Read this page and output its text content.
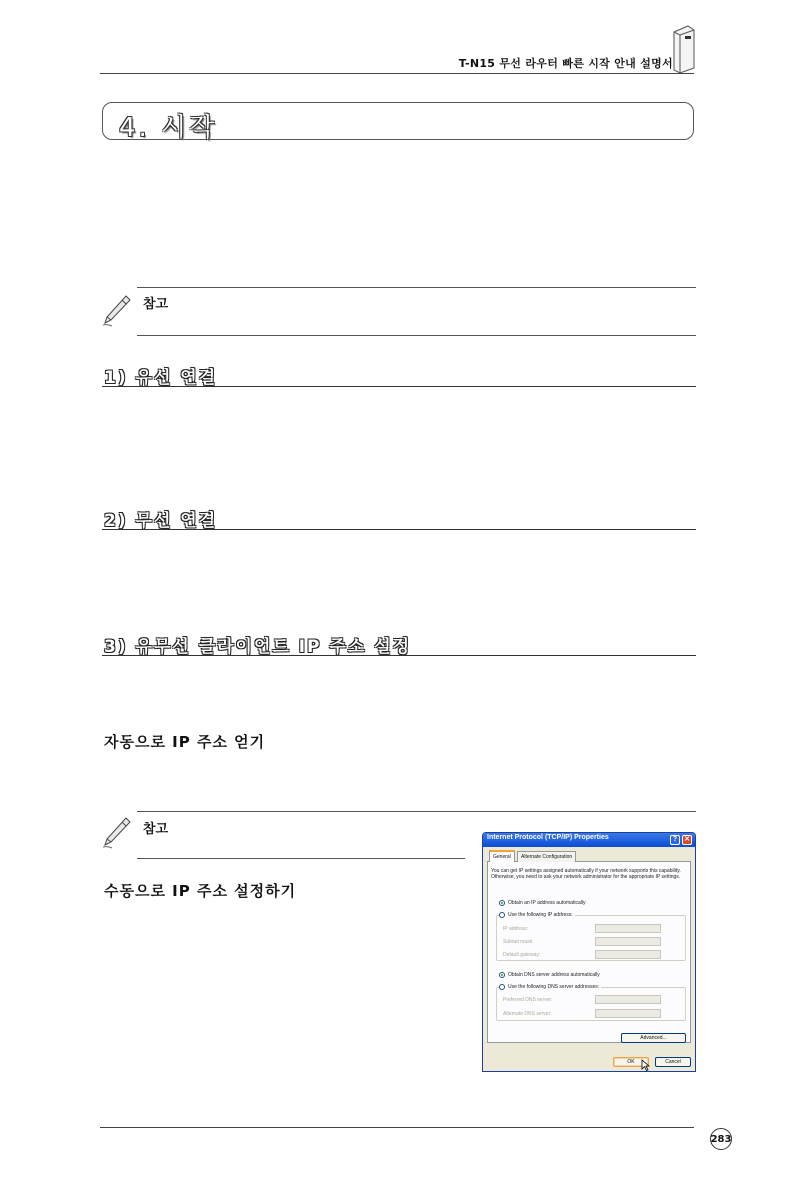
T-N15 무선 라우터 빠른 시작 안내 설명서
4. 시작
참고
1) 유선 연결
2) 무선 연결
3) 유무선 클라이언트 IP 주소 설정
자동으로 IP 주소 얻기
참고
수동으로 IP 주소 설정하기
Internet Protocol (TCP/IP) Properties	? ✕
General	Alternate Configuration
You can get IP settings assigned automatically if your network supports this capability. Otherwise, you need to ask your network administrator for the appropriate IP settings.
Obtain an IP address automatically
Use the following IP address:
IP address:
Subnet mask:
Default gateway:
Obtain DNS server address automatically
Use the following DNS server addresses:
Preferred DNS server:
Alternate DNS server:
Advanced...
OK	Cancel
283
